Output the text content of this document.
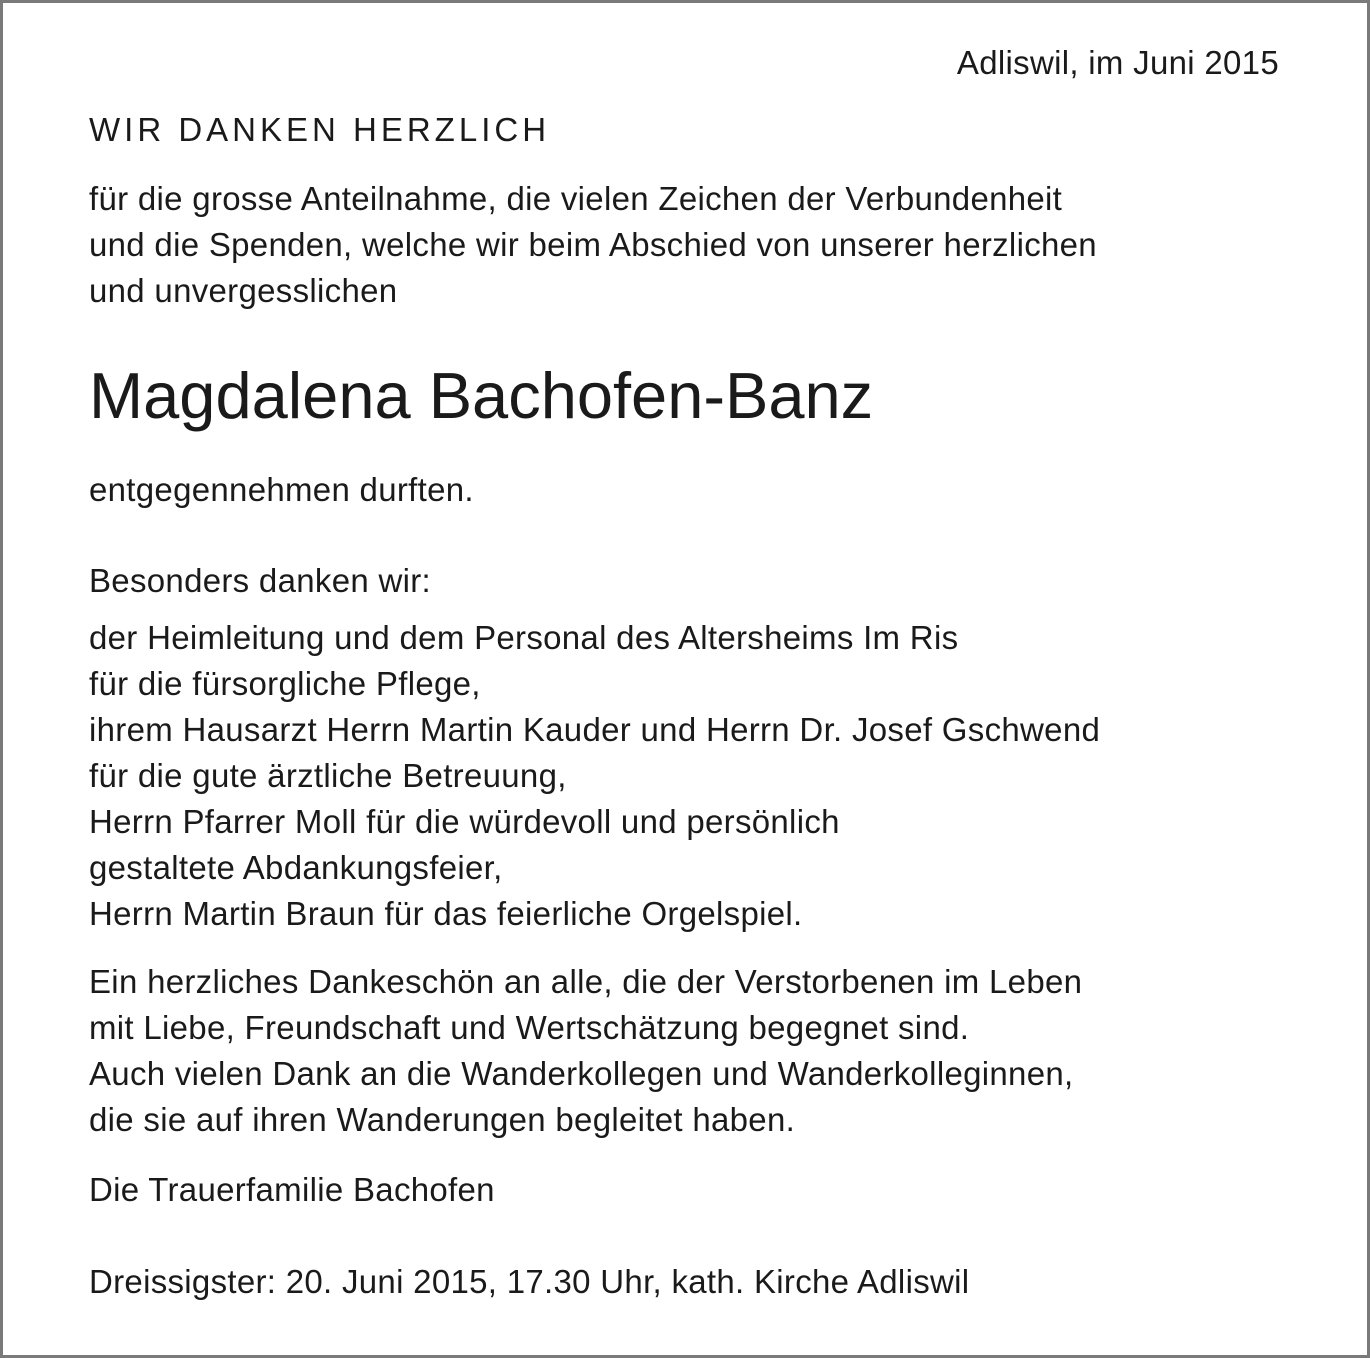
Adliswil, im Juni 2015

WIR DANKEN HERZLICH

für die grosse Anteilnahme, die vielen Zeichen der Verbundenheit
und die Spenden, welche wir beim Abschied von unserer herzlichen
und unvergesslichen

Magdalena Bachofen-Banz

entgegennehmen durften.

Besonders danken wir:

der Heimleitung und dem Personal des Altersheims Im Ris
für die fürsorgliche Pflege,
ihrem Hausarzt Herrn Martin Kauder und Herrn Dr. Josef Gschwend
für die gute ärztliche Betreuung,
Herrn Pfarrer Moll für die würdevoll und persönlich
gestaltete Abdankungsfeier,
Herrn Martin Braun für das feierliche Orgelspiel.

Ein herzliches Dankeschön an alle, die der Verstorbenen im Leben
mit Liebe, Freundschaft und Wertschätzung begegnet sind.
Auch vielen Dank an die Wanderkollegen und Wanderkolleginnen,
die sie auf ihren Wanderungen begleitet haben.

Die Trauerfamilie Bachofen

Dreissigster: 20. Juni 2015, 17.30 Uhr, kath. Kirche Adliswil
